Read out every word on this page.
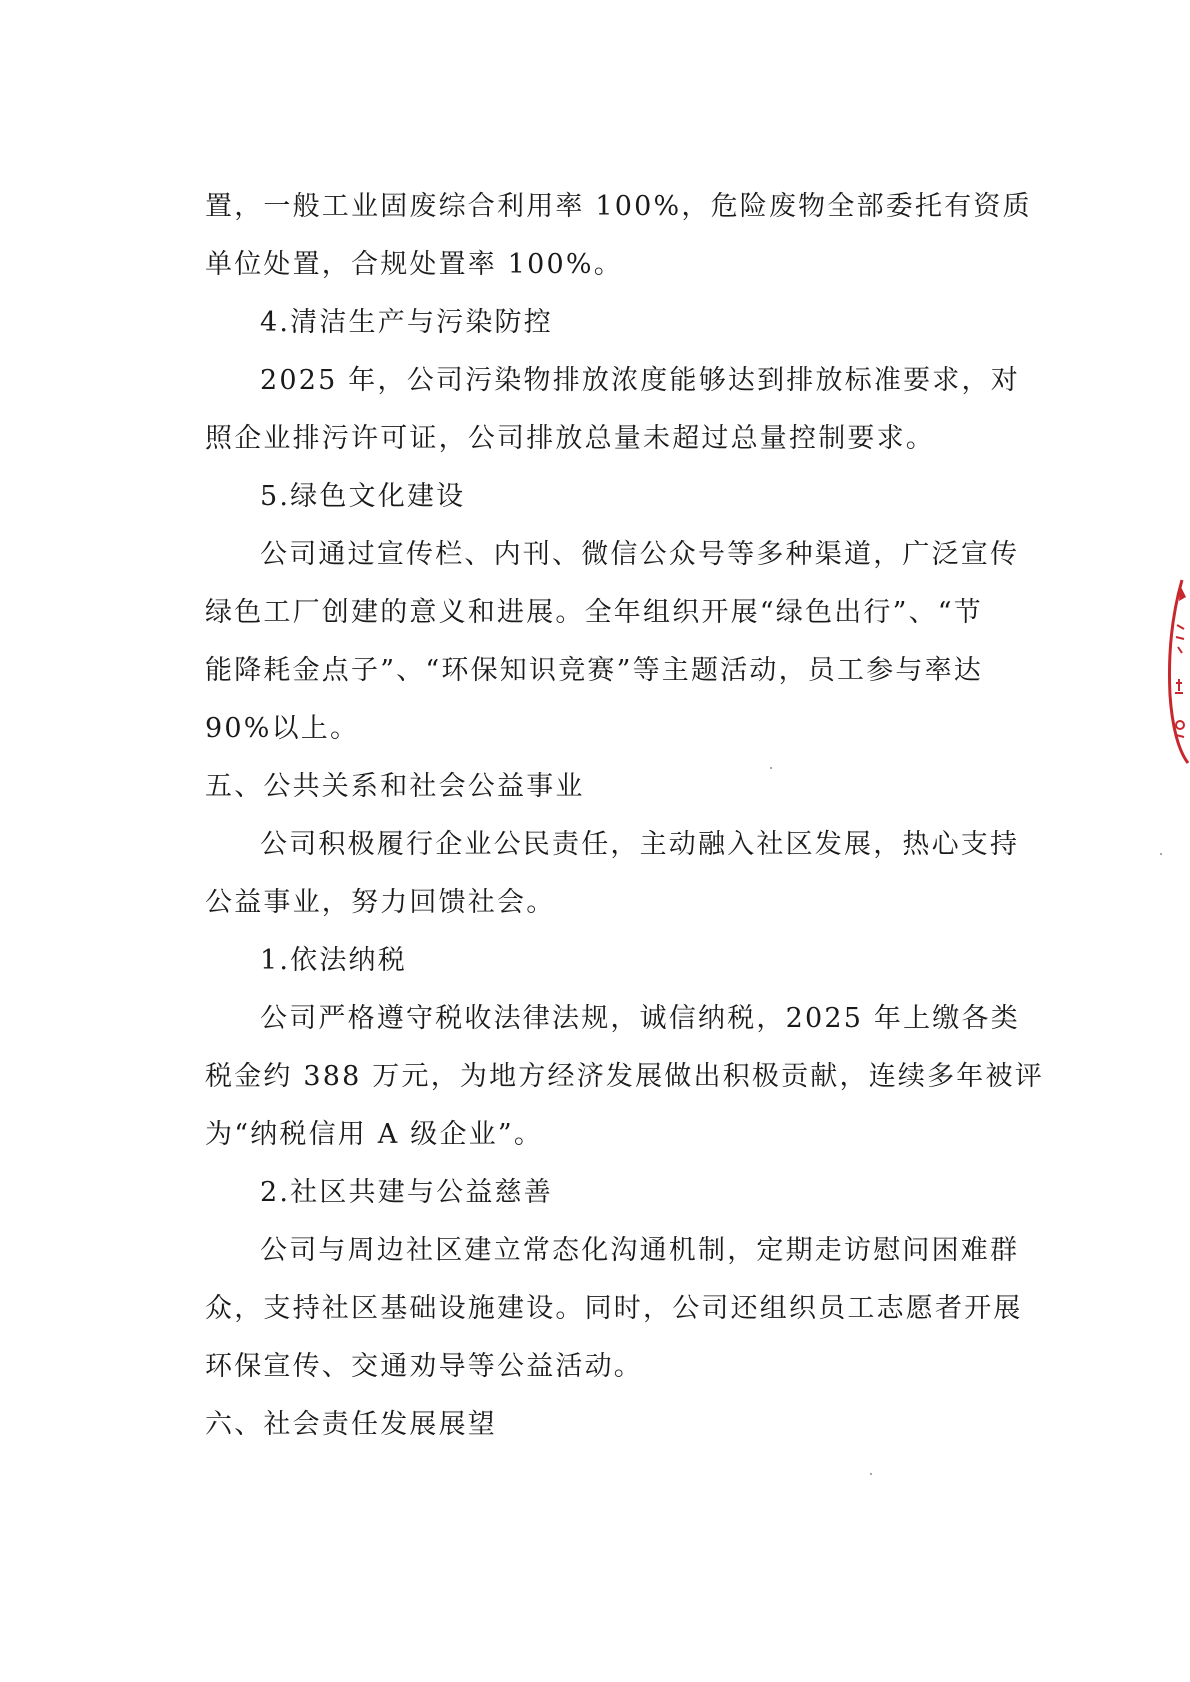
置，一般工业固废综合利用率 100%，危险废物全部委托有资质
单位处置，合规处置率 100%。
4.清洁生产与污染防控
2025 年，公司污染物排放浓度能够达到排放标准要求，对
照企业排污许可证，公司排放总量未超过总量控制要求。
5.绿色文化建设
公司通过宣传栏、内刊、微信公众号等多种渠道，广泛宣传
绿色工厂创建的意义和进展。全年组织开展“绿色出行”、“节
能降耗金点子”、“环保知识竞赛”等主题活动，员工参与率达
90%以上。
五、公共关系和社会公益事业
公司积极履行企业公民责任，主动融入社区发展，热心支持
公益事业，努力回馈社会。
1.依法纳税
公司严格遵守税收法律法规，诚信纳税，2025 年上缴各类
税金约 388 万元，为地方经济发展做出积极贡献，连续多年被评
为“纳税信用 A 级企业”。
2.社区共建与公益慈善
公司与周边社区建立常态化沟通机制，定期走访慰问困难群
众，支持社区基础设施建设。同时，公司还组织员工志愿者开展
环保宣传、交通劝导等公益活动。
六、社会责任发展展望
